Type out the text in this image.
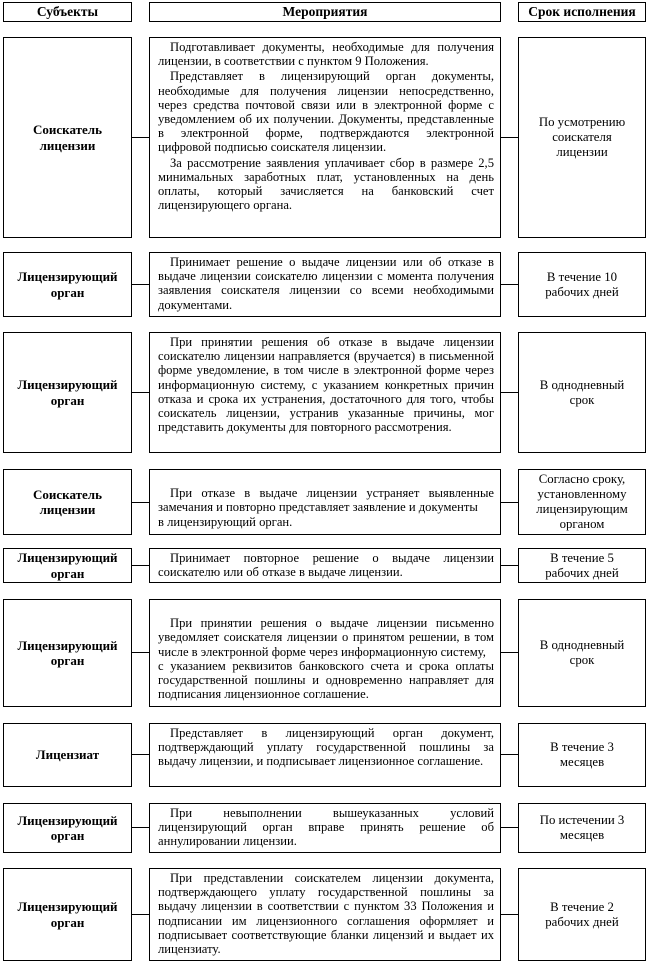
Субъекты	Мероприятия	Срок исполнения
Соискатель
лицензии

Подготавливает документы, необходимые для получения лицензии, в соответствии с пунктом 9 Положения.

Представляет в лицензирующий орган документы, необходимые для получения лицензии непосредственно, через средства почтовой связи или в электронной форме с уведомлением об их получении. Документы, представленные в электронной форме, подтверждаются электронной цифровой подписью соискателя лицензии.

За рассмотрение заявления уплачивает сбор в размере 2,5 минимальных заработных плат, установленных на день оплаты, который зачисляется на банковский счет лицензирующего органа.

По усмотрению
соискателя
лицензии
Лицензирующий
орган

Принимает решение о выдаче лицензии или об отказе в выдаче лицензии соискателю лицензии с момента получения заявления соискателя лицензии со всеми необходимыми документами.

В течение 10
рабочих дней
Лицензирующий
орган

При принятии решения об отказе в выдаче лицензии соискателю лицензии направляется (вручается) в письменной форме уведомление, в том числе в электронной форме через информационную систему, с указанием конкретных причин отказа и срока их устранения, достаточного для того, чтобы соискатель лицензии, устранив указанные причины, мог представить документы для повторного рассмотрения.

В однодневный
срок
Соискатель
лицензии

При отказе в выдаче лицензии устраняет выявленные замечания и повторно представляет заявление и документы
в лицензирующий орган.

Согласно сроку,
установленному
лицензирующим
органом
Лицензирующий
орган

Принимает повторное решение о выдаче лицензии соискателю или об отказе в выдаче лицензии.

В течение 5
рабочих дней
Лицензирующий
орган

При принятии решения о выдаче лицензии письменно уведомляет соискателя лицензии о принятом решении, в том числе в электронной форме через информационную систему,
с указанием реквизитов банковского счета и срока оплаты государственной пошлины и одновременно направляет для подписания лицензионное соглашение.

В однодневный
срок
Лицензиат

Представляет в лицензирующий орган документ, подтверждающий уплату государственной пошлины за выдачу лицензии, и подписывает лицензионное соглашение.

В течение 3
месяцев
Лицензирующий
орган

При невыполнении вышеуказанных условий лицензирующий орган вправе принять решение об аннулировании лицензии.

По истечении 3
месяцев
Лицензирующий
орган

При представлении соискателем лицензии документа, подтверждающего уплату государственной пошлины за выдачу лицензии в соответствии с пунктом 33 Положения и подписании им лицензионного соглашения оформляет и подписывает соответствующие бланки лицензий и выдает их лицензиату.

В течение 2
рабочих дней
